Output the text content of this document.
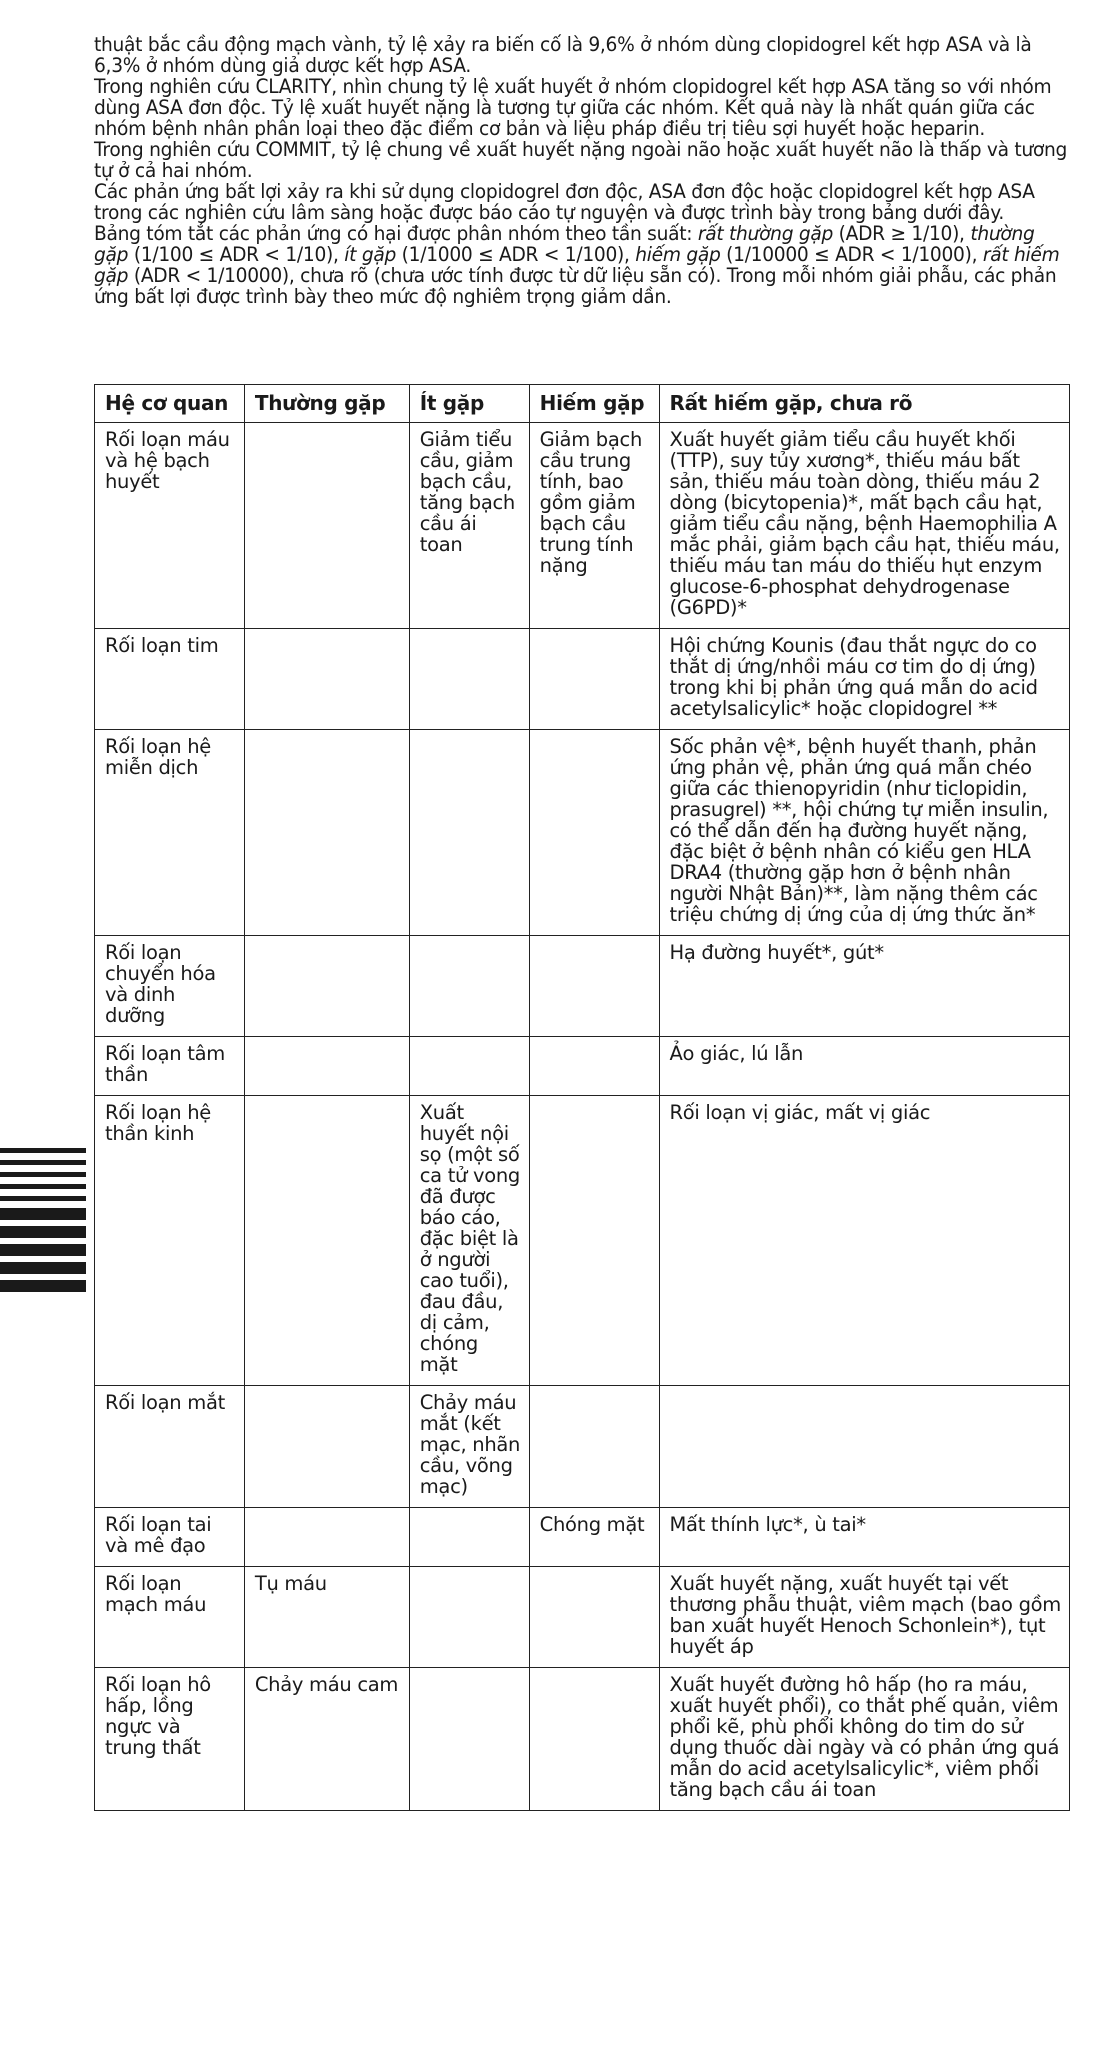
thuật bắc cầu động mạch vành, tỷ lệ xảy ra biến cố là 9,6% ở nhóm dùng clopidogrel kết hợp ASA và là 6,3% ở nhóm dùng giả dược kết hợp ASA.

Trong nghiên cứu CLARITY, nhìn chung tỷ lệ xuất huyết ở nhóm clopidogrel kết hợp ASA tăng so với nhóm dùng ASA đơn độc. Tỷ lệ xuất huyết nặng là tương tự giữa các nhóm. Kết quả này là nhất quán giữa các nhóm bệnh nhân phân loại theo đặc điểm cơ bản và liệu pháp điều trị tiêu sợi huyết hoặc heparin.

Trong nghiên cứu COMMIT, tỷ lệ chung về xuất huyết nặng ngoài não hoặc xuất huyết não là thấp và tương tự ở cả hai nhóm.

Các phản ứng bất lợi xảy ra khi sử dụng clopidogrel đơn độc, ASA đơn độc hoặc clopidogrel kết hợp ASA trong các nghiên cứu lâm sàng hoặc được báo cáo tự nguyện và được trình bày trong bảng dưới đây.

Bảng tóm tắt các phản ứng có hại được phân nhóm theo tần suất: rất thường gặp (ADR ≥ 1/10), thường gặp (1/100 ≤ ADR < 1/10), ít gặp (1/1000 ≤ ADR < 1/100), hiếm gặp (1/10000 ≤ ADR < 1/1000), rất hiếm gặp (ADR < 1/10000), chưa rõ (chưa ước tính được từ dữ liệu sẵn có). Trong mỗi nhóm giải phẫu, các phản ứng bất lợi được trình bày theo mức độ nghiêm trọng giảm dần.

Hệ cơ quan	Thường gặp	Ít gặp	Hiếm gặp	Rất hiếm gặp, chưa rõ
Rối loạn máu và hệ bạch huyết		Giảm tiểu cầu, giảm bạch cầu, tăng bạch cầu ái toan	Giảm bạch cầu trung tính, bao gồm giảm bạch cầu trung tính nặng	Xuất huyết giảm tiểu cầu huyết khối (TTP), suy tủy xương*, thiếu máu bất sản, thiếu máu toàn dòng, thiếu máu 2 dòng (bicytopenia)*, mất bạch cầu hạt, giảm tiểu cầu nặng, bệnh Haemophilia A mắc phải, giảm bạch cầu hạt, thiếu máu, thiếu máu tan máu do thiếu hụt enzym glucose-6-phosphat dehydrogenase (G6PD)*
Rối loạn tim				Hội chứng Kounis (đau thắt ngực do co thắt dị ứng/nhồi máu cơ tim do dị ứng) trong khi bị phản ứng quá mẫn do acid acetylsalicylic* hoặc clopidogrel **
Rối loạn hệ miễn dịch				Sốc phản vệ*, bệnh huyết thanh, phản ứng phản vệ, phản ứng quá mẫn chéo giữa các thienopyridin (như ticlopidin, prasugrel) **, hội chứng tự miễn insulin, có thể dẫn đến hạ đường huyết nặng, đặc biệt ở bệnh nhân có kiểu gen HLA DRA4 (thường gặp hơn ở bệnh nhân người Nhật Bản)**, làm nặng thêm các triệu chứng dị ứng của dị ứng thức ăn*
Rối loạn chuyển hóa và dinh dưỡng				Hạ đường huyết*, gút*
Rối loạn tâm thần				Ảo giác, lú lẫn
Rối loạn hệ thần kinh		Xuất huyết nội sọ (một số ca tử vong đã được báo cáo, đặc biệt là ở người cao tuổi), đau đầu, dị cảm, chóng mặt		Rối loạn vị giác, mất vị giác
Rối loạn mắt		Chảy máu mắt (kết mạc, nhãn cầu, võng mạc)		
Rối loạn tai và mê đạo			Chóng mặt	Mất thính lực*, ù tai*
Rối loạn mạch máu	Tụ máu			Xuất huyết nặng, xuất huyết tại vết thương phẫu thuật, viêm mạch (bao gồm ban xuất huyết Henoch Schonlein*), tụt huyết áp
Rối loạn hô hấp, lồng ngực và trung thất	Chảy máu cam			Xuất huyết đường hô hấp (ho ra máu, xuất huyết phổi), co thắt phế quản, viêm phổi kẽ, phù phổi không do tim do sử dụng thuốc dài ngày và có phản ứng quá mẫn do acid acetylsalicylic*, viêm phổi tăng bạch cầu ái toan
